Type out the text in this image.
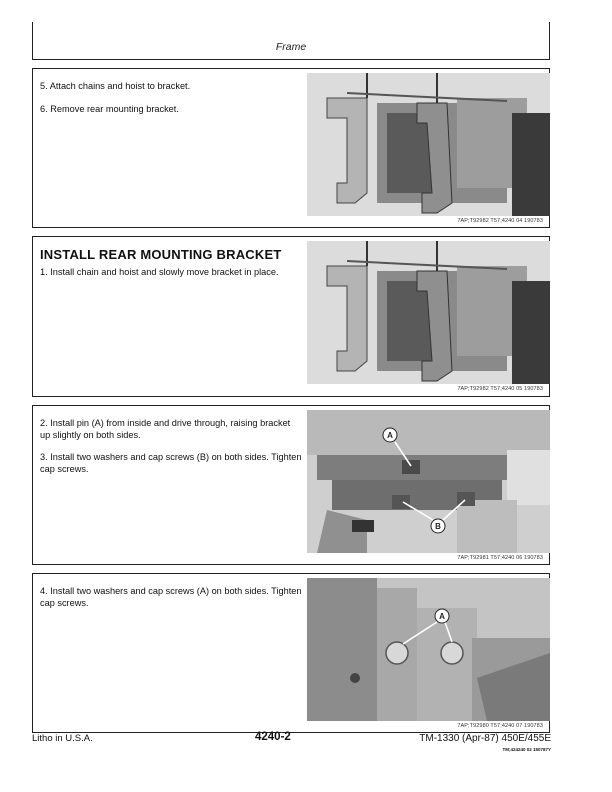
Frame

5. Attach chains and hoist to bracket.

6. Remove rear mounting bracket.

7AP;T92982 T57;4240 04 190783
INSTALL REAR MOUNTING BRACKET

1. Install chain and hoist and slowly move bracket in place.

7AP;T92982 T57;4240 05 190783

2. Install pin (A) from inside and drive through, raising bracket up slightly on both sides.

3. Install two washers and cap screws (B) on both sides. Tighten cap screws.

A
B
7AP;T92981 T57;4240 06 190783

4. Install two washers and cap screws (A) on both sides. Tighten cap screws.

A
7AP;T92980 T57;4240 07 190783
Litho in U.S.A.	4240-2	TM-1330 (Apr-87) 450E/455E
TM;424240 02 150787Y
